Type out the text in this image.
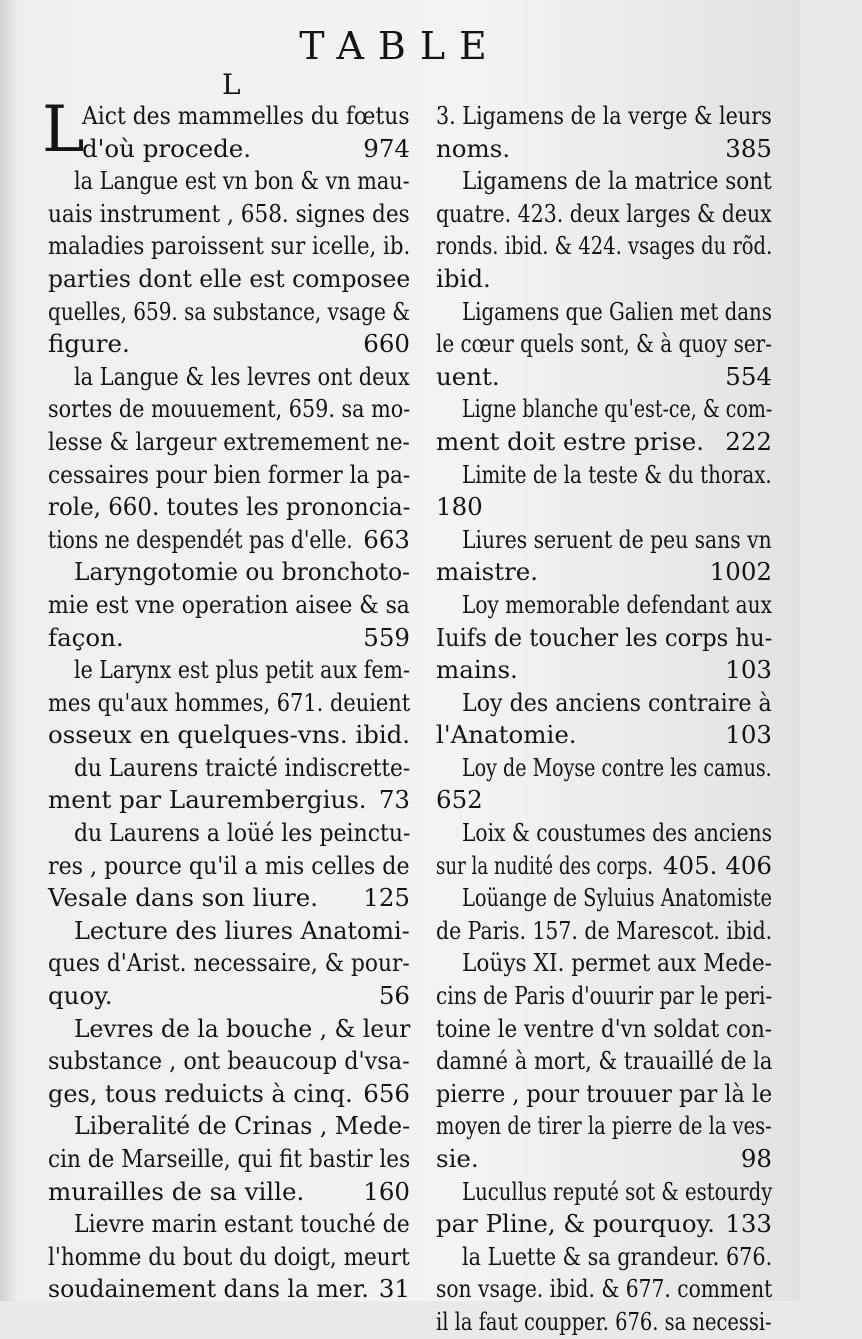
TABLE
L
L
Aict des mammelles du fœtus
d'où procede.	974
la Langue est vn bon & vn mau-
uais instrument , 658. signes des
maladies paroissent sur icelle, ib.
parties dont elle est composee
quelles, 659. sa substance, vsage &
figure.	660
la Langue & les levres ont deux
sortes de mouuement, 659. sa mo-
lesse & largeur extremement ne-
cessaires pour bien former la pa-
role, 660. toutes les prononcia-
tions ne despendét pas d'elle. 663
Laryngotomie ou bronchoto-
mie est vne operation aisee & sa
façon.	559
le Larynx est plus petit aux fem-
mes qu'aux hommes, 671. deuient
osseux en quelques-vns. ibid.
du Laurens traicté indiscrette-
ment par Laurembergius. 73
du Laurens a loüé les peinctu-
res , pource qu'il a mis celles de
Vesale dans son liure. 125
Lecture des liures Anatomi-
ques d'Arist. necessaire, & pour-
quoy.	56
Levres de la bouche , & leur
substance , ont beaucoup d'vsa-
ges, tous reduicts à cinq. 656
Liberalité de Crinas , Mede-
cin de Marseille, qui fit bastir les
murailles de sa ville. 160
Lievre marin estant touché de
l'homme du bout du doigt, meurt
soudainement dans la mer. 31
3. Ligamens de la verge & leurs
noms.	385
Ligamens de la matrice sont
quatre. 423. deux larges & deux
ronds. ibid. & 424. vsages du rõd.
ibid.
Ligamens que Galien met dans
le cœur quels sont, & à quoy ser-
uent.	554
Ligne blanche qu'est-ce, & com-
ment doit estre prise. 222
Limite de la teste & du thorax.
180
Liures seruent de peu sans vn
maistre.	1002
Loy memorable defendant aux
Iuifs de toucher les corps hu-
mains.	103
Loy des anciens contraire à
l'Anatomie.	103
Loy de Moyse contre les camus.
652
Loix & coustumes des anciens
sur la nudité des corps. 405. 406
Loüange de Syluius Anatomiste
de Paris. 157. de Marescot. ibid.
Loüys XI. permet aux Mede-
cins de Paris d'ouurir par le peri-
toine le ventre d'vn soldat con-
damné à mort, & trauaillé de la
pierre , pour trouuer par là le
moyen de tirer la pierre de la ves-
sie.	98
Lucullus reputé sot & estourdy
par Pline, & pourquoy. 133
la Luette & sa grandeur. 676.
son vsage. ibid. & 677. comment
il la faut coupper. 676. sa necessi-
